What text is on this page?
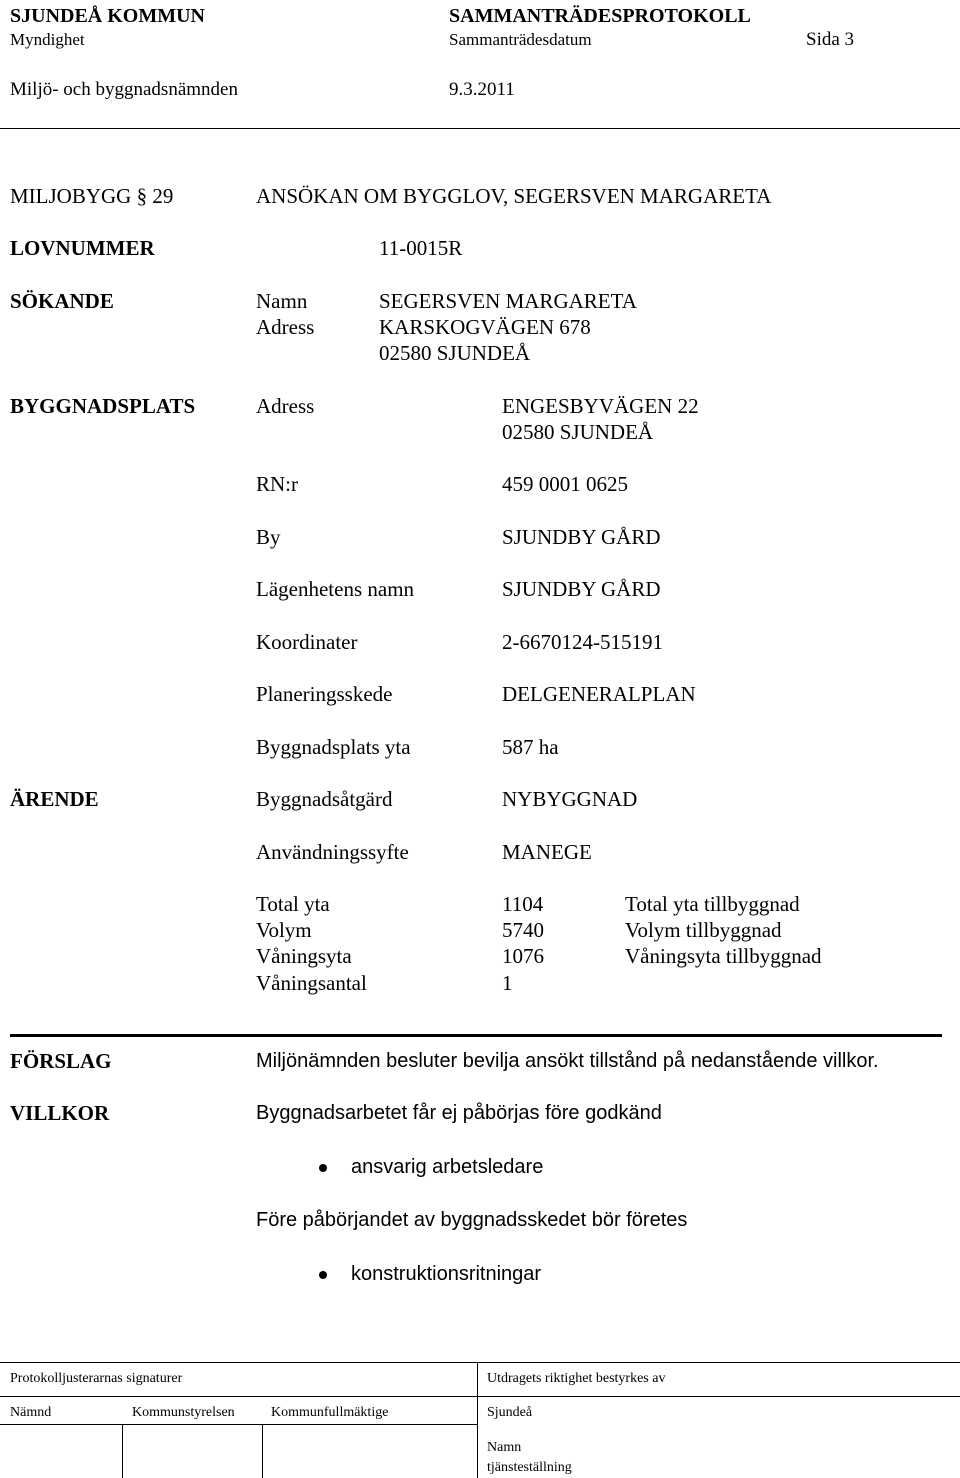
SJUNDEÅ KOMMUN	SAMMANTRÄDESPROTOKOLL
Myndighet	Sammanträdesdatum	Sida 3
Miljö- och byggnadsnämnden	9.3.2011
MILJOBYGG § 29	ANSÖKAN OM BYGGLOV, SEGERSVEN MARGARETA
LOVNUMMER	11-0015R
SÖKANDE	Namn	SEGERSVEN MARGARETA
Adress	KARSKOGVÄGEN 678
02580 SJUNDEÅ
BYGGNADSPLATS	Adress	ENGESBYVÄGEN 22
02580 SJUNDEÅ
RN:r	459 0001 0625
By	SJUNDBY GÅRD
Lägenhetens namn	SJUNDBY GÅRD
Koordinater	2-6670124-515191
Planeringsskede	DELGENERALPLAN
Byggnadsplats yta	587 ha
ÄRENDE	Byggnadsåtgärd	NYBYGGNAD
Användningssyfte	MANEGE
Total yta	1104	Total yta tillbyggnad
Volym	5740	Volym tillbyggnad
Våningsyta	1076	Våningsyta tillbyggnad
Våningsantal	1
FÖRSLAG	Miljönämnden besluter bevilja ansökt tillstånd på nedanstående villkor.
VILLKOR	Byggnadsarbetet får ej påbörjas före godkänd
ansvarig arbetsledare
Före påbörjandet av byggnadsskedet bör företes
konstruktionsritningar
Protokolljusterarnas signaturer	Utdragets riktighet bestyrkes av
Nämnd	Kommunstyrelsen	Kommunfullmäktige	Sjundeå
Namn
tjänsteställning
